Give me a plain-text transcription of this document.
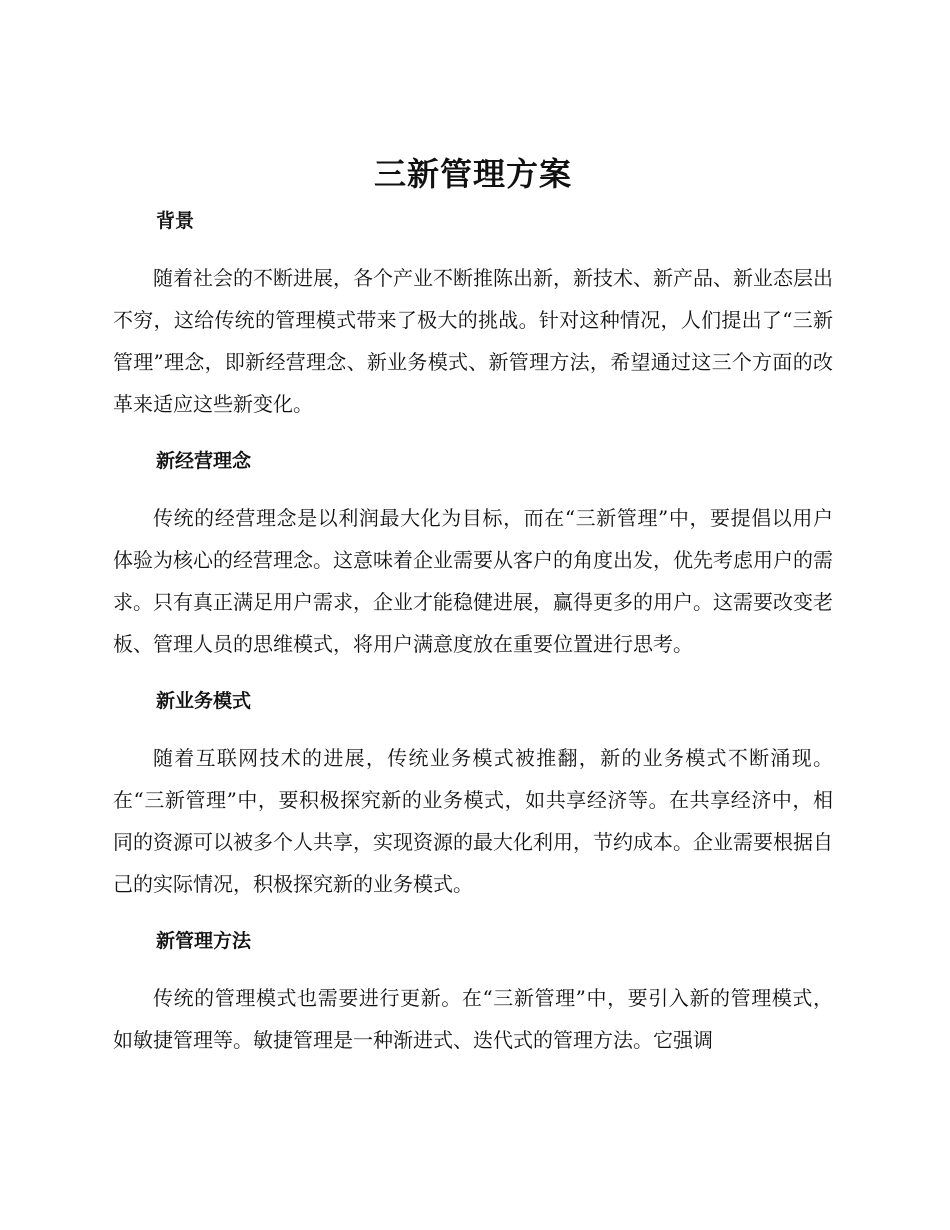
三新管理方案
背景

随着社会的不断进展，各个产业不断推陈出新，新技术、新产品、新业态层出不穷，这给传统的管理模式带来了极大的挑战。针对这种情况，人们提出了“三新管理”理念，即新经营理念、新业务模式、新管理方法，希望通过这三个方面的改革来适应这些新变化。

新经营理念

传统的经营理念是以利润最大化为目标，而在“三新管理”中，要提倡以用户体验为核心的经营理念。这意味着企业需要从客户的角度出发，优先考虑用户的需求。只有真正满足用户需求，企业才能稳健进展，赢得更多的用户。这需要改变老板、管理人员的思维模式，将用户满意度放在重要位置进行思考。

新业务模式

随着互联网技术的进展，传统业务模式被推翻，新的业务模式不断涌现。在“三新管理”中，要积极探究新的业务模式，如共享经济等。在共享经济中，相同的资源可以被多个人共享，实现资源的最大化利用，节约成本。企业需要根据自己的实际情况，积极探究新的业务模式。

新管理方法

传统的管理模式也需要进行更新。在“三新管理”中，要引入新的管理模式，如敏捷管理等。敏捷管理是一种渐进式、迭代式的管理方法。它强调
